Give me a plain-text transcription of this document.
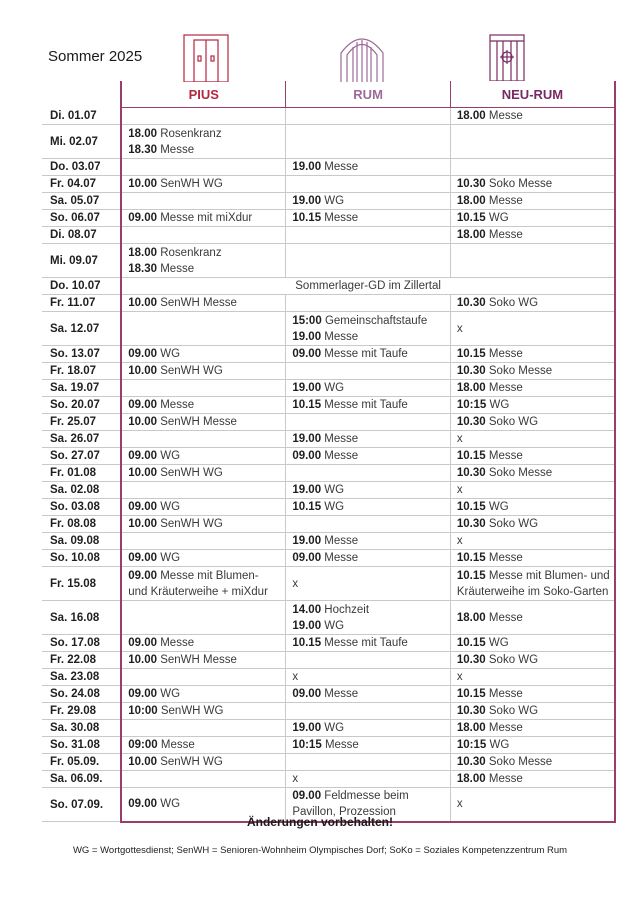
Sommer 2025
	PIUS	RUM	NEU-RUM
Di. 01.07			18.00 Messe

Mi. 02.07	18.00 Rosenkranz
18.30 Messe		

Do. 03.07		19.00 Messe	

Fr. 04.07	10.00 SenWH WG		10.30 Soko Messe

Sa. 05.07		19.00 WG	18.00 Messe

So. 06.07	09.00 Messe mit miXdur	10.15 Messe	10.15 WG

Di. 08.07			18.00 Messe

Mi. 09.07	18.00 Rosenkranz
18.30 Messe		

Do. 10.07	Sommerlager-GD im Zillertal		
Fr. 11.07	10.00 SenWH Messe		10.30 Soko WG

Sa. 12.07		15:00 Gemeinschaftstaufe
19.00 Messe	x

So. 13.07	09.00 WG	09.00 Messe mit Taufe	10.15 Messe

Fr. 18.07	10.00 SenWH WG		10.30 Soko Messe

Sa. 19.07		19.00 WG	18.00 Messe

So. 20.07	09.00 Messe	10.15 Messe mit Taufe	10:15 WG

Fr. 25.07	10.00 SenWH Messe		10.30 Soko WG

Sa. 26.07		19.00 Messe	x

So. 27.07	09.00 WG	09.00 Messe	10.15 Messe

Fr. 01.08	10.00 SenWH WG		10.30 Soko Messe

Sa. 02.08		19.00 WG	x

So. 03.08	09.00 WG	10.15 WG	10.15 WG

Fr. 08.08	10.00 SenWH WG		10.30 Soko WG

Sa. 09.08		19.00 Messe	x

So. 10.08	09.00 WG	09.00 Messe	10.15 Messe

Fr. 15.08	09.00 Messe mit Blumen-
und Kräuterweihe + miXdur	x	10.15 Messe mit Blumen- und
Kräuterweihe im Soko-Garten

Sa. 16.08		14.00 Hochzeit
19.00 WG	18.00 Messe

So. 17.08	09.00 Messe	10.15 Messe mit Taufe	10.15 WG

Fr. 22.08	10.00 SenWH Messe		10.30 Soko WG

Sa. 23.08		x	x

So. 24.08	09.00 WG	09.00 Messe	10.15 Messe

Fr. 29.08	10:00 SenWH WG		10.30 Soko WG

Sa. 30.08		19.00 WG	18.00 Messe

So. 31.08	09:00 Messe	10:15 Messe	10:15 WG

Fr. 05.09.	10.00 SenWH WG		10.30 Soko Messe

Sa. 06.09.		x	18.00 Messe

So. 07.09.	09.00 WG	09.00 Feldmesse beim
Pavillon, Prozession	x
Änderungen vorbehalten!
WG = Wortgottesdienst; SenWH = Senioren-Wohnheim Olympisches Dorf; SoKo = Soziales Kompetenzzentrum Rum
